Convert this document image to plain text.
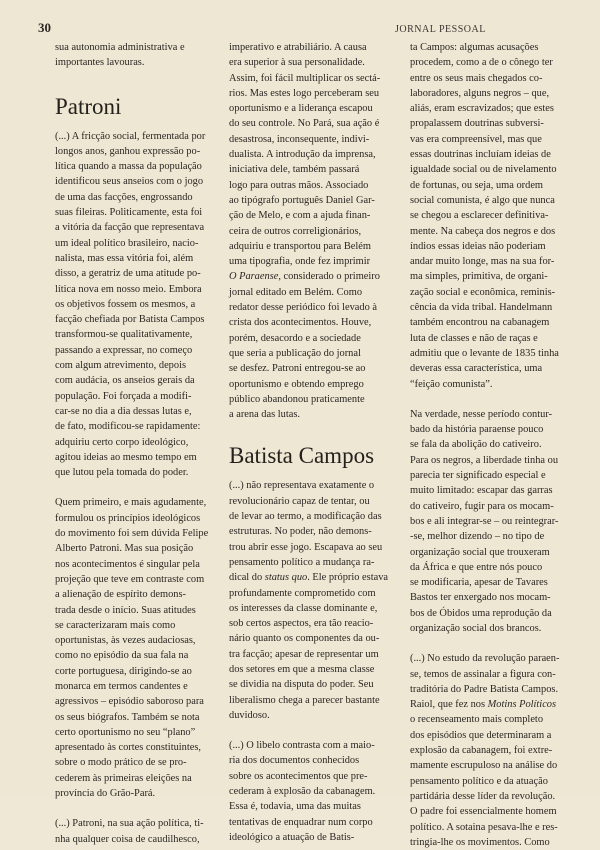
30	JORNAL PESSOAL
sua autonomia administrativa e
importantes lavouras.
Patroni
(...) A fricção social, fermentada por
longos anos, ganhou expressão po-
lítica quando a massa da população
identificou seus anseios com o jogo
de uma das facções, engrossando
suas fileiras. Politicamente, esta foi
a vitória da facção que representava
um ideal político brasileiro, nacio-
nalista, mas essa vitória foi, além
disso, a geratriz de uma atitude po-
lítica nova em nosso meio. Embora
os objetivos fossem os mesmos, a
facção chefiada por Batista Campos
transformou-se qualitativamente,
passando a expressar, no começo
com algum atrevimento, depois
com audácia, os anseios gerais da
população. Foi forçada a modifi-
car-se no dia a dia dessas lutas e,
de fato, modificou-se rapidamente:
adquiriu certo corpo ideológico,
agitou ideias ao mesmo tempo em
que lutou pela tomada do poder.
Quem primeiro, e mais agudamente,
formulou os princípios ideológicos
do movimento foi sem dúvida Felipe
Alberto Patroni. Mas sua posição
nos acontecimentos é singular pela
projeção que teve em contraste com
a alienação de espírito demons-
trada desde o início. Suas atitudes
se caracterizaram mais como
oportunistas, às vezes audaciosas,
como no episódio da sua fala na
corte portuguesa, dirigindo-se ao
monarca em termos candentes e
agressivos – episódio saboroso para
os seus biógrafos. Também se nota
certo oportunismo no seu “plano”
apresentado às cortes constituintes,
sobre o modo prático de se pro-
cederem às primeiras eleições na
província do Grão-Pará.
(...) Patroni, na sua ação política, ti-
nha qualquer coisa de caudilhesco,
imperativo e atrabiliário. A causa
era superior à sua personalidade.
Assim, foi fácil multiplicar os sectá-
rios. Mas estes logo perceberam seu
oportunismo e a liderança escapou
do seu controle. No Pará, sua ação é
desastrosa, inconsequente, indivi-
dualista. A introdução da imprensa,
iniciativa dele, também passará
logo para outras mãos. Associado
ao tipógrafo português Daniel Gar-
ção de Melo, e com a ajuda finan-
ceira de outros correligionários,
adquiriu e transportou para Belém
uma tipografia, onde fez imprimir
O Paraense, considerado o primeiro
jornal editado em Belém. Como
redator desse periódico foi levado à
crista dos acontecimentos. Houve,
porém, desacordo e a sociedade
que seria a publicação do jornal
se desfez. Patroni entregou-se ao
oportunismo e obtendo emprego
público abandonou praticamente
a arena das lutas.
Batista Campos
(...) não representava exatamente o
revolucionário capaz de tentar, ou
de levar ao termo, a modificação das
estruturas. No poder, não demons-
trou abrir esse jogo. Escapava ao seu
pensamento político a mudança ra-
dical do status quo. Ele próprio estava
profundamente comprometido com
os interesses da classe dominante e,
sob certos aspectos, era tão reacio-
nário quanto os componentes da ou-
tra facção; apesar de representar um
dos setores em que a mesma classe
se dividia na disputa do poder. Seu
liberalismo chega a parecer bastante
duvidoso.
(...) O libelo contrasta com a maio-
ria dos documentos conhecidos
sobre os acontecimentos que pre-
cederam à explosão da cabanagem.
Essa é, todavia, uma das muitas
tentativas de enquadrar num corpo
ideológico a atuação de Batis-
ta Campos: algumas acusações
procedem, como a de o cônego ter
entre os seus mais chegados co-
laboradores, alguns negros – que,
aliás, eram escravizados; que estes
propalassem doutrinas subversi-
vas era compreensível, mas que
essas doutrinas incluíam ideias de
igualdade social ou de nivelamento
de fortunas, ou seja, uma ordem
social comunista, é algo que nunca
se chegou a esclarecer definitiva-
mente. Na cabeça dos negros e dos
índios essas ideias não poderiam
andar muito longe, mas na sua for-
ma simples, primitiva, de organi-
zação social e econômica, reminis-
cência da vida tribal. Handelmann
também encontrou na cabanagem
luta de classes e não de raças e
admitiu que o levante de 1835 tinha
deveras essa característica, uma
“feição comunista”.
Na verdade, nesse período contur-
bado da história paraense pouco
se fala da abolição do cativeiro.
Para os negros, a liberdade tinha ou
parecia ter significado especial e
muito limitado: escapar das garras
do cativeiro, fugir para os mocam-
bos e ali integrar-se – ou reintegrar-
-se, melhor dizendo – no tipo de
organização social que trouxeram
da África e que entre nós pouco
se modificaria, apesar de Tavares
Bastos ter enxergado nos mocam-
bos de Óbidos uma reprodução da
organização social dos brancos.
(...) No estudo da revolução paraen-
se, temos de assinalar a figura con-
traditória do Padre Batista Campos.
Raiol, que fez nos Motins Políticos
o recenseamento mais completo
dos episódios que determinaram a
explosão da cabanagem, foi extre-
mamente escrupuloso na análise do
pensamento político e da atuação
partidária desse líder da revolução.
O padre foi essencialmente homem
político. A sotaina pesava-lhe e res-
tringia-lhe os movimentos. Como
